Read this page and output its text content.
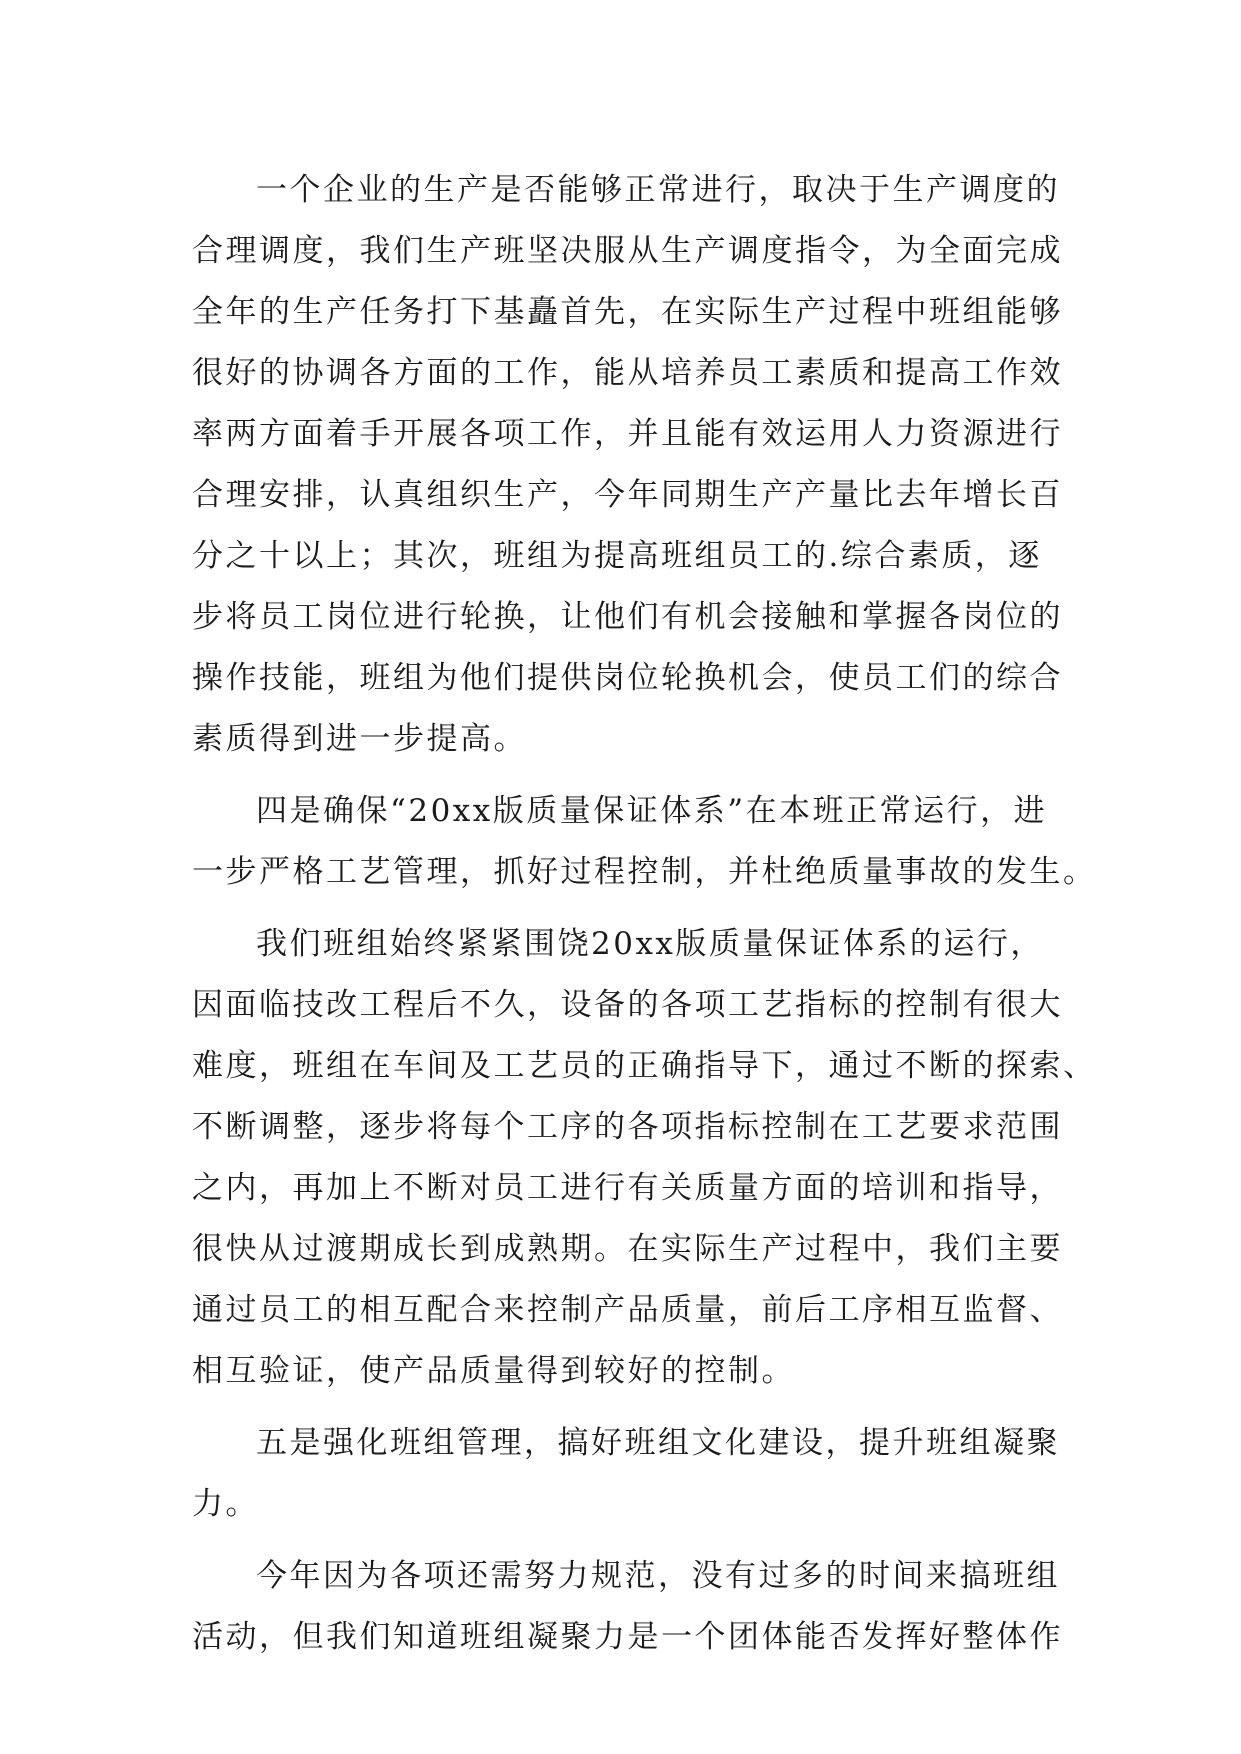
一个企业的生产是否能够正常进行，取决于生产调度的
合理调度，我们生产班坚决服从生产调度指令，为全面完成
全年的生产任务打下基矗首先，在实际生产过程中班组能够
很好的协调各方面的工作，能从培养员工素质和提高工作效
率两方面着手开展各项工作，并且能有效运用人力资源进行
合理安排，认真组织生产，今年同期生产产量比去年增长百
分之十以上；其次，班组为提高班组员工的.综合素质，逐
步将员工岗位进行轮换，让他们有机会接触和掌握各岗位的
操作技能，班组为他们提供岗位轮换机会，使员工们的综合
素质得到进一步提高。
四是确保“20xx版质量保证体系”在本班正常运行，进
一步严格工艺管理，抓好过程控制，并杜绝质量事故的发生。
我们班组始终紧紧围饶20xx版质量保证体系的运行，
因面临技改工程后不久，设备的各项工艺指标的控制有很大
难度，班组在车间及工艺员的正确指导下，通过不断的探索、
不断调整，逐步将每个工序的各项指标控制在工艺要求范围
之内，再加上不断对员工进行有关质量方面的培训和指导，
很快从过渡期成长到成熟期。在实际生产过程中，我们主要
通过员工的相互配合来控制产品质量，前后工序相互监督、
相互验证，使产品质量得到较好的控制。
五是强化班组管理，搞好班组文化建设，提升班组凝聚
力。
今年因为各项还需努力规范，没有过多的时间来搞班组
活动，但我们知道班组凝聚力是一个团体能否发挥好整体作
